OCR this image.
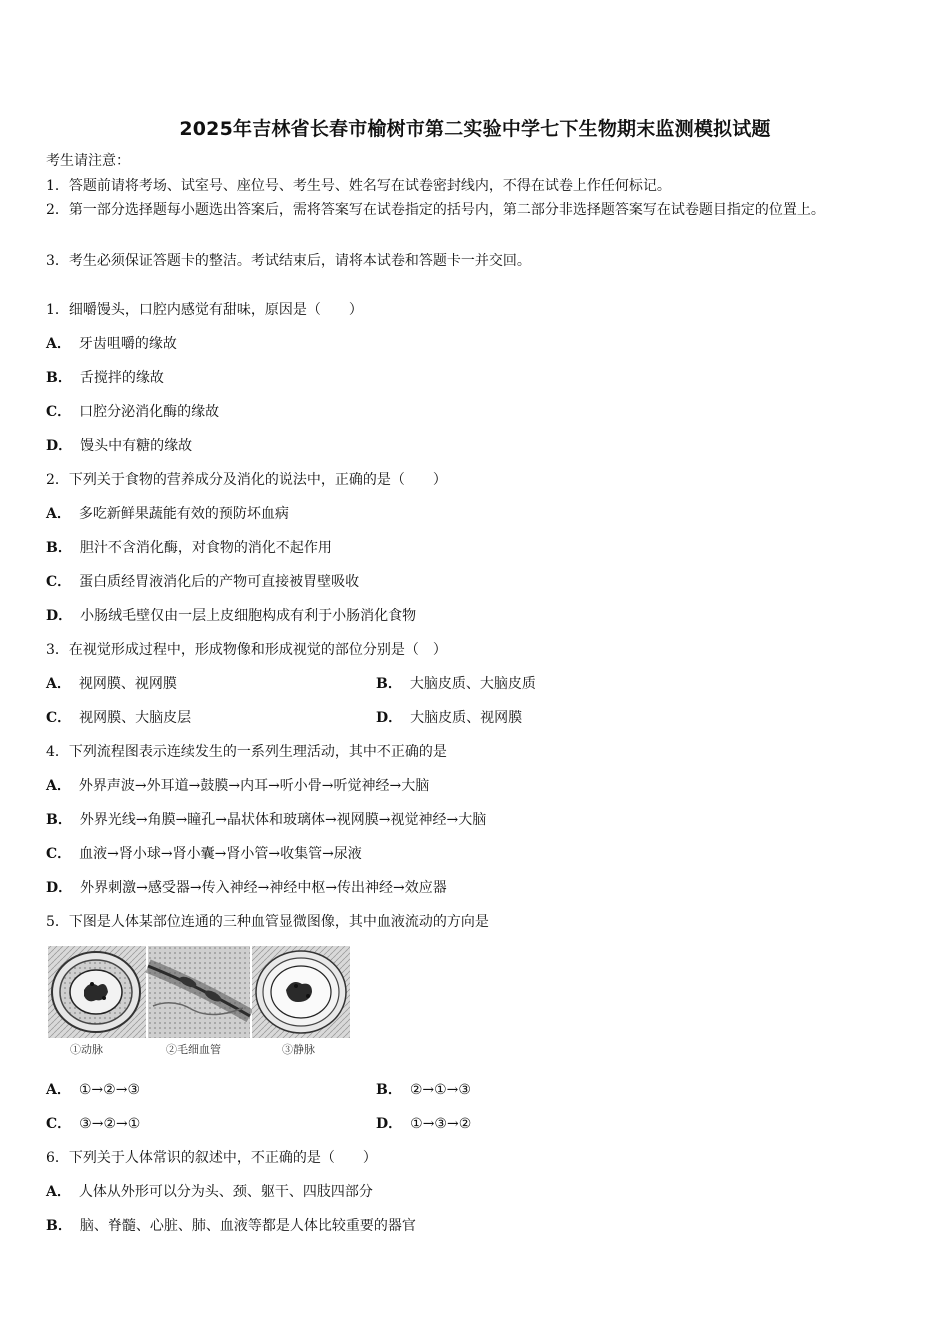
2025年吉林省长春市榆树市第二实验中学七下生物期末监测模拟试题
考生请注意：
1．答题前请将考场、试室号、座位号、考生号、姓名写在试卷密封线内，不得在试卷上作任何标记。
2．第一部分选择题每小题选出答案后，需将答案写在试卷指定的括号内，第二部分非选择题答案写在试卷题目指定的位置上。
3．考生必须保证答题卡的整洁。考试结束后，请将本试卷和答题卡一并交回。
1．细嚼馒头，口腔内感觉有甜味，原因是（　　）
A． 牙齿咀嚼的缘故
B． 舌搅拌的缘故
C． 口腔分泌消化酶的缘故
D． 馒头中有糖的缘故
2．下列关于食物的营养成分及消化的说法中，正确的是（　　）
A． 多吃新鲜果蔬能有效的预防坏血病
B． 胆汁不含消化酶，对食物的消化不起作用
C． 蛋白质经胃液消化后的产物可直接被胃壁吸收
D． 小肠绒毛壁仅由一层上皮细胞构成有利于小肠消化食物
3．在视觉形成过程中，形成物像和形成视觉的部位分别是（　）
A． 视网膜、视网膜	B． 大脑皮质、大脑皮质
C． 视网膜、大脑皮层	D． 大脑皮质、视网膜
4．下列流程图表示连续发生的一系列生理活动，其中不正确的是
A． 外界声波→外耳道→鼓膜→内耳→听小骨→听觉神经→大脑
B． 外界光线→角膜→瞳孔→晶状体和玻璃体→视网膜→视觉神经→大脑
C． 血液→肾小球→肾小囊→肾小管→收集管→尿液
D． 外界刺激→感受器→传入神经→神经中枢→传出神经→效应器
5．下图是人体某部位连通的三种血管显微图像，其中血液流动的方向是
①动脉	②毛细血管	③静脉
A． ①→②→③	B． ②→①→③
C． ③→②→①	D． ①→③→②
6．下列关于人体常识的叙述中，不正确的是（　　）
A． 人体从外形可以分为头、颈、躯干、四肢四部分
B． 脑、脊髓、心脏、肺、血液等都是人体比较重要的器官
